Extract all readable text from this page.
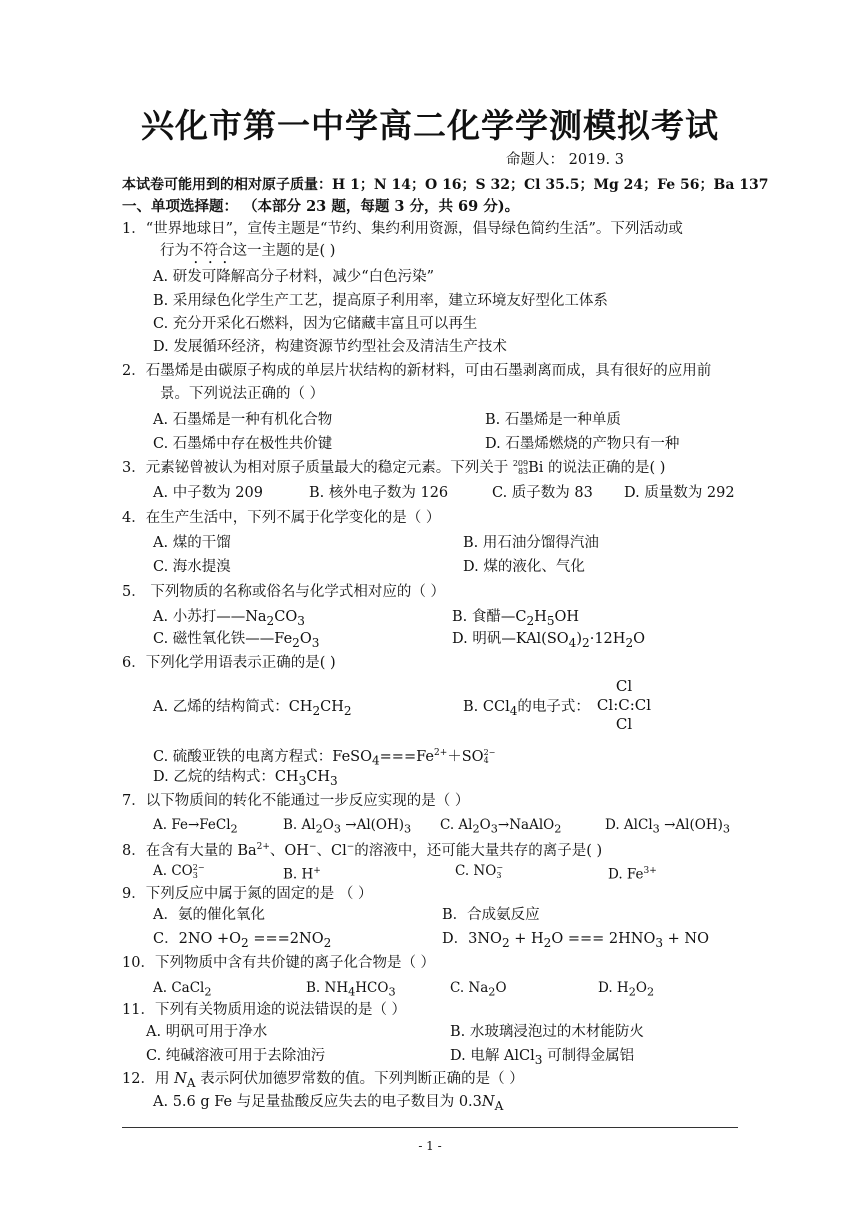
兴化市第一中学高二化学学测模拟考试
命题人： 2019. 3
本试卷可能用到的相对原子质量：H 1；N 14；O 16；S 32；Cl 35.5；Mg 24；Fe 56；Ba 137
一、单项选择题： （本部分 23 题，每题 3 分，共 69 分)。
1．“世界地球日”，宣传主题是“节约、集约利用资源，倡导绿色简约生活”。下列活动或
行为不符合这一主题的是( )
A. 研发可降解高分子材料，减少“白色污染”
B. 采用绿色化学生产工艺，提高原子利用率，建立环境友好型化工体系
C. 充分开采化石燃料，因为它储藏丰富且可以再生
D. 发展循环经济，构建资源节约型社会及清洁生产技术
2．石墨烯是由碳原子构成的单层片状结构的新材料，可由石墨剥离而成，具有很好的应用前
景。下列说法正确的（ ）
A. 石墨烯是一种有机化合物	B. 石墨烯是一种单质
C. 石墨烯中存在极性共价键	D. 石墨烯燃烧的产物只有一种
3．元素铋曾被认为相对原子质量最大的稳定元素。下列关于 209
83 Bi 的说法正确的是( )
A. 中子数为 209	B. 核外电子数为 126	C. 质子数为 83 D. 质量数为 292
4．在生产生活中，下列不属于化学变化的是（ ）
A. 煤的干馏	B. 用石油分馏得汽油
C. 海水提溴	D. 煤的液化、气化
5． 下列物质的名称或俗名与化学式相对应的（ ）
A. 小苏打$——Na_2CO_3$	B. 食醋$—C_2H_5OH$
C. 磁性氧化铁$——Fe_2O_3$	D. 明矾$—KAl(SO_4)_2\cdot 12H_2O$
6．下列化学用语表示正确的是( )
A. 乙烯的结构简式：$CH_2CH_2$	B. CCl$_4$的电子式：
Cl
Cl:C:Cl
Cl
C. 硫酸亚铁的电离方程式：$FeSO_4===Fe^{2+}+SO$ 2−
4
D. 乙烷的结构式：$CH_3CH_3$
7．以下物质间的转化不能通过一步反应实现的是（ ）
A. Fe→FeCl$_2$	B. $Al_2O_3 \to Al(OH)_3$ C. $Al_2O_3\to NaAlO_2$	D. AlCl$_3$ $\to Al(OH)_3$
8．在含有大量的 $Ba^{2+}$、OH−、Cl−的溶液中，还可能大量共存的离子是( )
A. CO 2−
3	B. H+	C. NO −
3	D. $Fe^{3+}$
9．下列反应中属于氮的固定的是 （ ）
A．氨的催化氧化	B．合成氨反应
C．$2NO +O_2 ===2NO_2$	D．$3NO_2 + H_2O$ === $2HNO_3$ + NO
10．下列物质中含有共价键的离子化合物是（ ）
A. CaCl$_2$	B. $NH_4HCO_3$	C. $Na_2O$	D. $H_2O_2$
11．下列有关物质用途的说法错误的是（ ）
A. 明矾可用于净水	B. 水玻璃浸泡过的木材能防火
C. 纯碱溶液可用于去除油污	D. 电解 AlCl$_3$ 可制得金属铝
12．用 $N_A$ 表示阿伏加德罗常数的值。下列判断正确的是（ ）
A. 5.6 g Fe 与足量盐酸反应失去的电子数目为 $0.3N_A$
- 1 -
